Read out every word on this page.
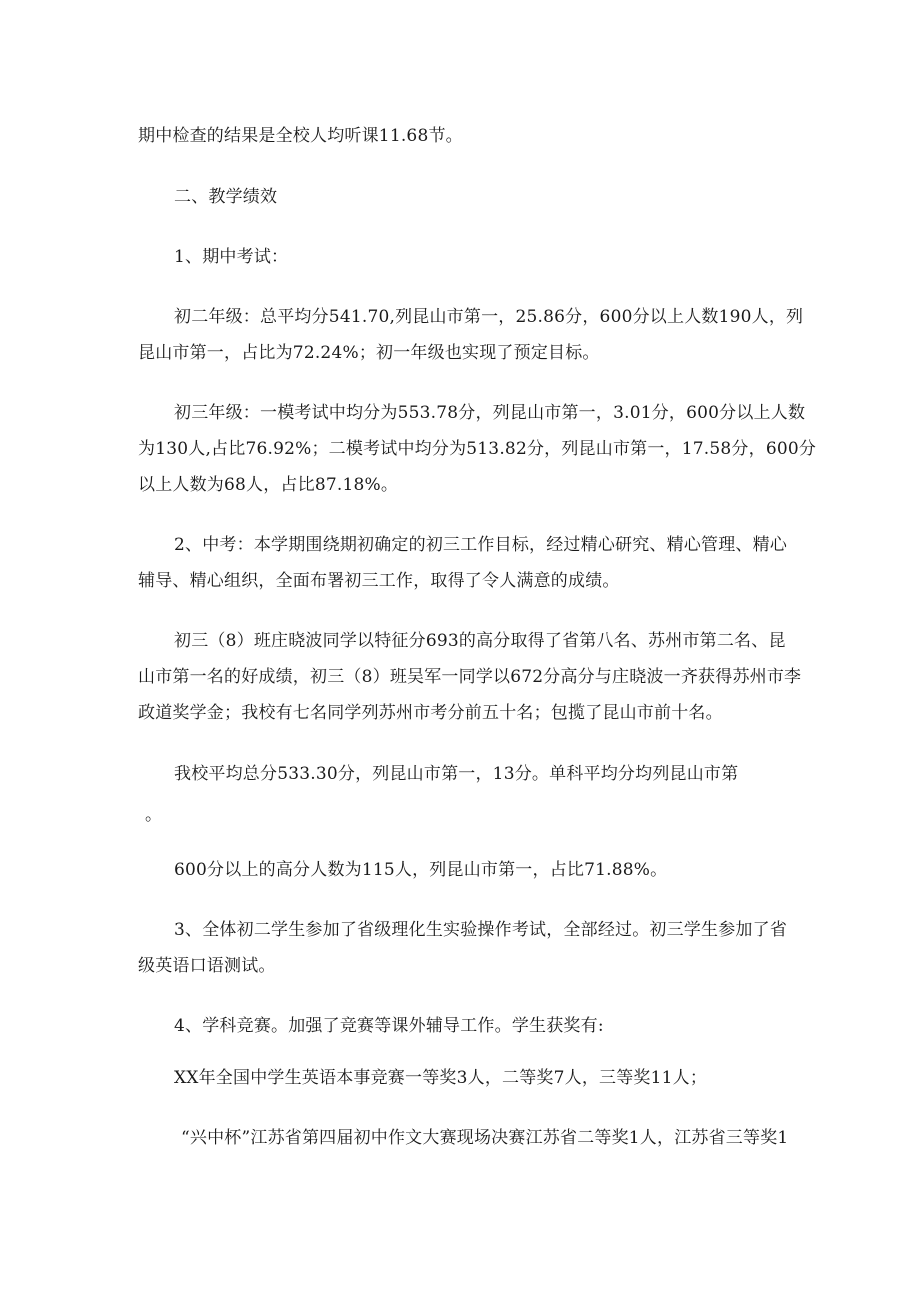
期中检查的结果是全校人均听课11.68节。
二、教学绩效
1、期中考试：
初二年级：总平均分541.70,列昆山市第一，25.86分，600分以上人数190人，列
昆山市第一，占比为72.24%；初一年级也实现了预定目标。
初三年级：一模考试中均分为553.78分，列昆山市第一，3.01分，600分以上人数
为130人,占比76.92%；二模考试中均分为513.82分，列昆山市第一，17.58分，600分
以上人数为68人，占比87.18%。
2、中考：本学期围绕期初确定的初三工作目标，经过精心研究、精心管理、精心
辅导、精心组织，全面布署初三工作，取得了令人满意的成绩。
初三（8）班庄晓波同学以特征分693的高分取得了省第八名、苏州市第二名、昆
山市第一名的好成绩，初三（8）班吴军一同学以672分高分与庄晓波一齐获得苏州市李
政道奖学金；我校有七名同学列苏州市考分前五十名；包揽了昆山市前十名。
我校平均总分533.30分，列昆山市第一，13分。单科平均分均列昆山市第
。
600分以上的高分人数为115人，列昆山市第一，占比71.88%。
3、全体初二学生参加了省级理化生实验操作考试，全部经过。初三学生参加了省
级英语口语测试。
4、学科竞赛。加强了竞赛等课外辅导工作。学生获奖有:
XX年全国中学生英语本事竞赛一等奖3人，二等奖7人，三等奖11人；
“兴中杯”江苏省第四届初中作文大赛现场决赛江苏省二等奖1人，江苏省三等奖1
